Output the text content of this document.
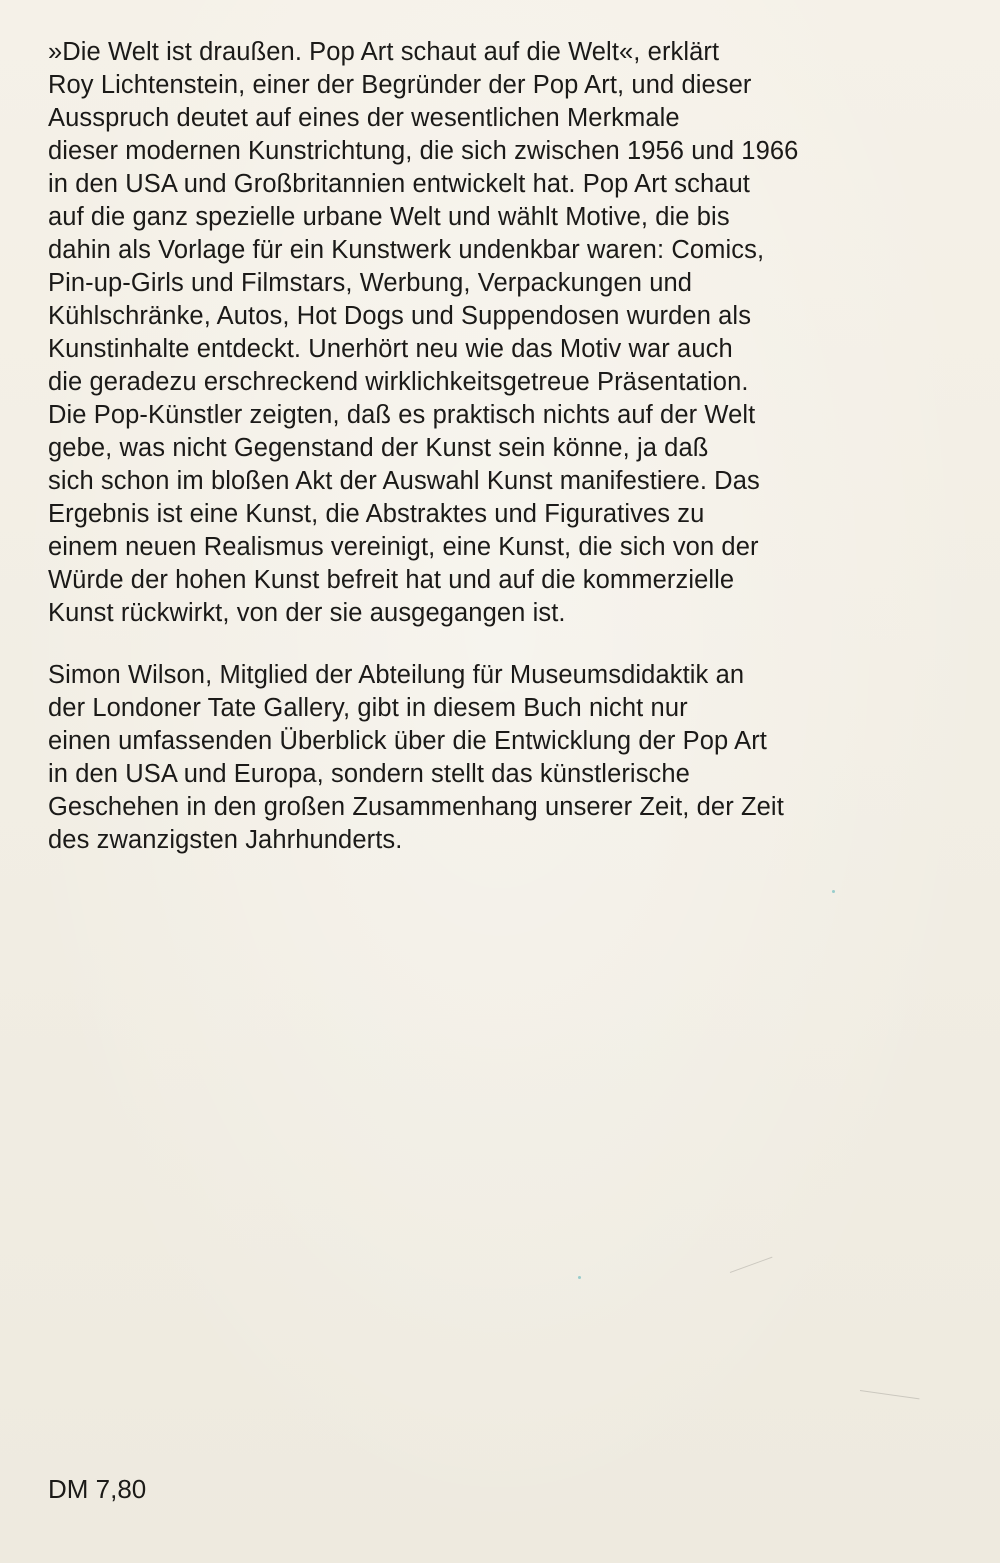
»Die Welt ist draußen. Pop Art schaut auf die Welt«, erklärt
Roy Lichtenstein, einer der Begründer der Pop Art, und dieser
Ausspruch deutet auf eines der wesentlichen Merkmale
dieser modernen Kunstrichtung, die sich zwischen 1956 und 1966
in den USA und Großbritannien entwickelt hat. Pop Art schaut
auf die ganz spezielle urbane Welt und wählt Motive, die bis
dahin als Vorlage für ein Kunstwerk undenkbar waren: Comics,
Pin-up-Girls und Filmstars, Werbung, Verpackungen und
Kühlschränke, Autos, Hot Dogs und Suppendosen wurden als
Kunstinhalte entdeckt. Unerhört neu wie das Motiv war auch
die geradezu erschreckend wirklichkeitsgetreue Präsentation.
Die Pop-Künstler zeigten, daß es praktisch nichts auf der Welt
gebe, was nicht Gegenstand der Kunst sein könne, ja daß
sich schon im bloßen Akt der Auswahl Kunst manifestiere. Das
Ergebnis ist eine Kunst, die Abstraktes und Figuratives zu
einem neuen Realismus vereinigt, eine Kunst, die sich von der
Würde der hohen Kunst befreit hat und auf die kommerzielle
Kunst rückwirkt, von der sie ausgegangen ist.
Simon Wilson, Mitglied der Abteilung für Museumsdidaktik an
der Londoner Tate Gallery, gibt in diesem Buch nicht nur
einen umfassenden Überblick über die Entwicklung der Pop Art
in den USA und Europa, sondern stellt das künstlerische
Geschehen in den großen Zusammenhang unserer Zeit, der Zeit
des zwanzigsten Jahrhunderts.
DM 7,80
